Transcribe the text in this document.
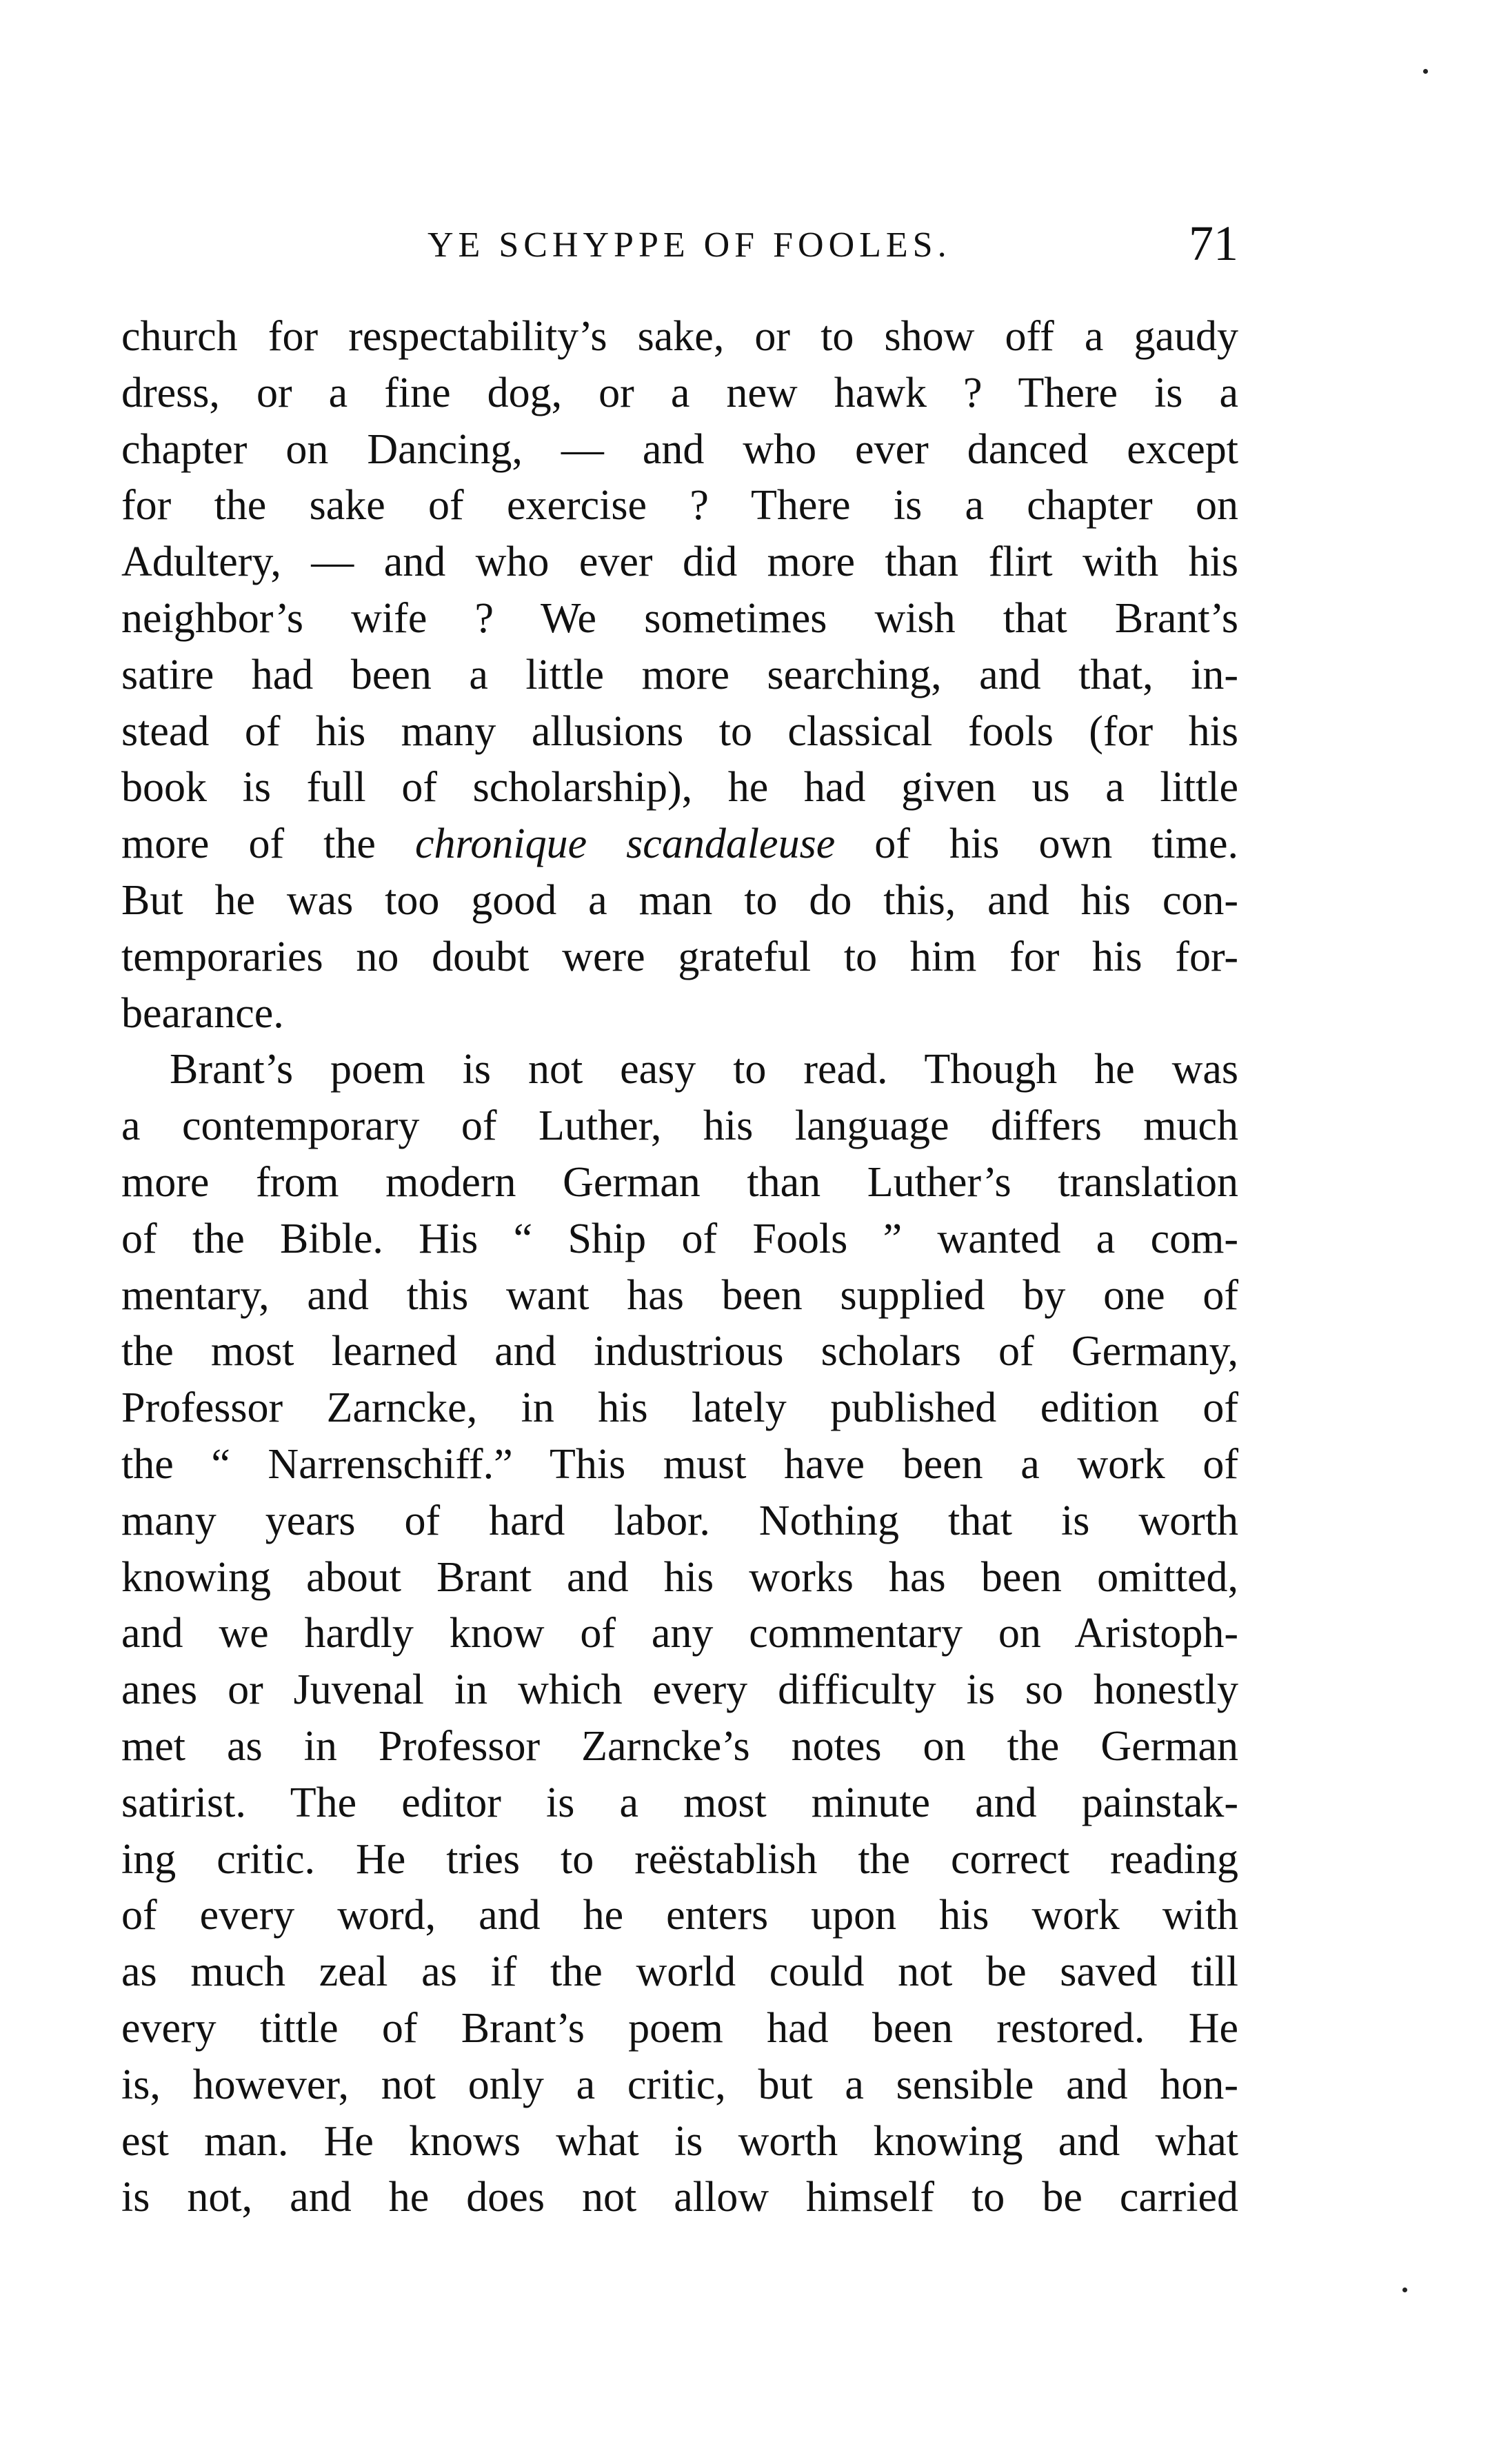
YE SCHYPPE OF FOOLES.	71
church for respectability’s sake, or to show off a gaudy
dress, or a fine dog, or a new hawk ? There is a
chapter on Dancing, — and who ever danced except
for the sake of exercise ? There is a chapter on
Adultery, — and who ever did more than flirt with his
neighbor’s wife ? We sometimes wish that Brant’s
satire had been a little more searching, and that, in-
stead of his many allusions to classical fools (for his
book is full of scholarship), he had given us a little
more of the chronique scandaleuse of his own time.
But he was too good a man to do this, and his con-
temporaries no doubt were grateful to him for his for-
bearance.
Brant’s poem is not easy to read. Though he was
a contemporary of Luther, his language differs much
more from modern German than Luther’s translation
of the Bible. His “ Ship of Fools ” wanted a com-
mentary, and this want has been supplied by one of
the most learned and industrious scholars of Germany,
Professor Zarncke, in his lately published edition of
the “ Narrenschiff.” This must have been a work of
many years of hard labor. Nothing that is worth
knowing about Brant and his works has been omitted,
and we hardly know of any commentary on Aristoph-
anes or Juvenal in which every difficulty is so honestly
met as in Professor Zarncke’s notes on the German
satirist. The editor is a most minute and painstak-
ing critic. He tries to reëstablish the correct reading
of every word, and he enters upon his work with
as much zeal as if the world could not be saved till
every tittle of Brant’s poem had been restored. He
is, however, not only a critic, but a sensible and hon-
est man. He knows what is worth knowing and what
is not, and he does not allow himself to be carried
